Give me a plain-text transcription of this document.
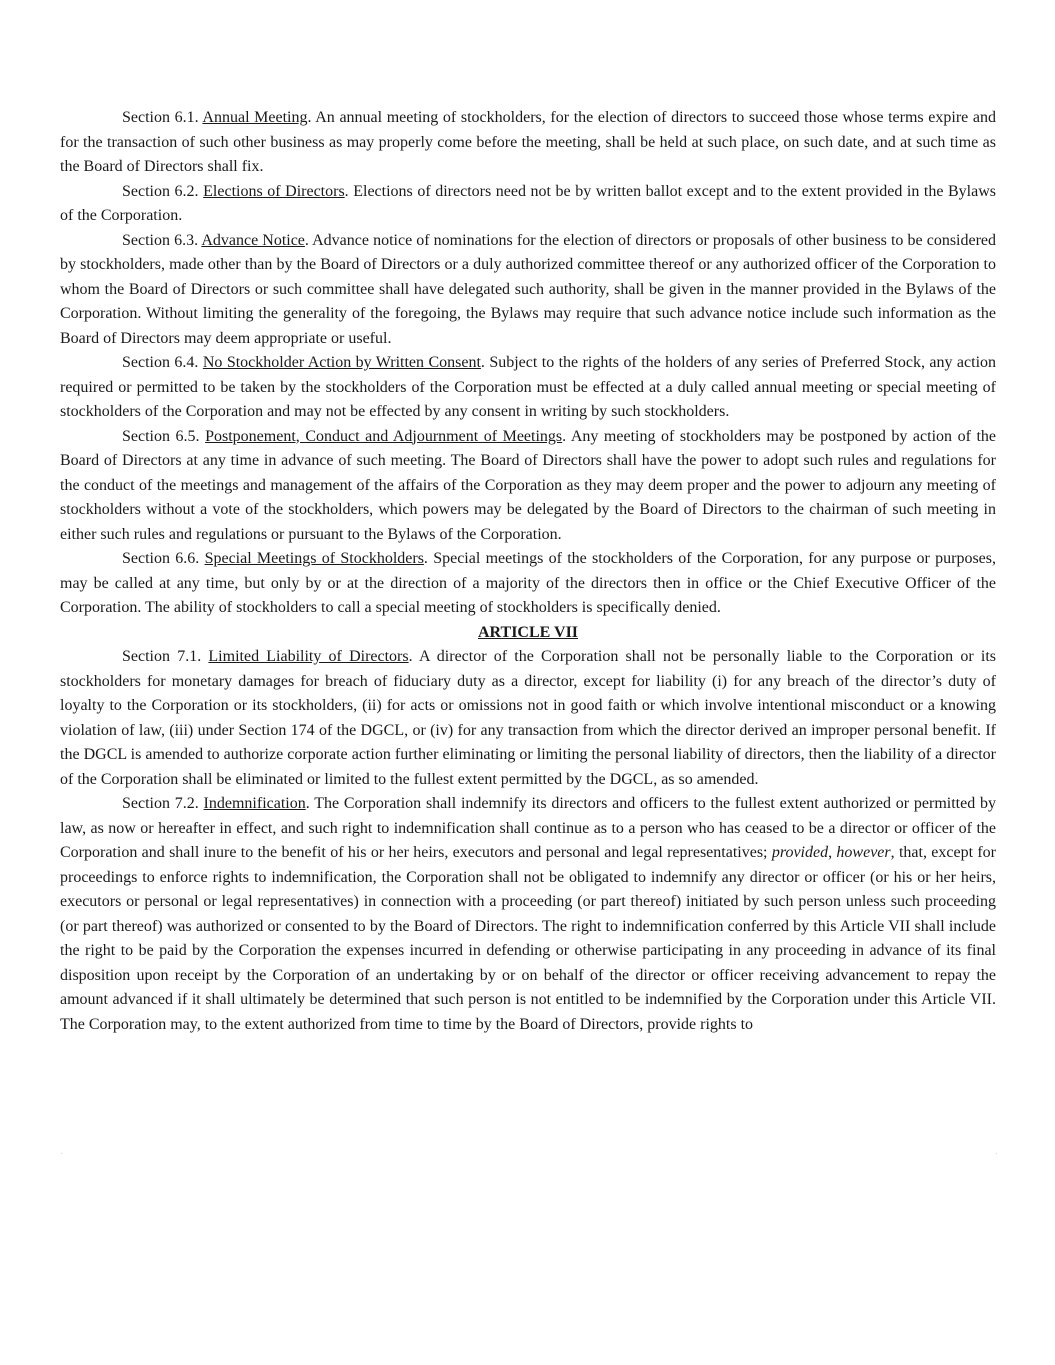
Section 6.1. Annual Meeting. An annual meeting of stockholders, for the election of directors to succeed those whose terms expire and for the transaction of such other business as may properly come before the meeting, shall be held at such place, on such date, and at such time as the Board of Directors shall fix.

Section 6.2. Elections of Directors. Elections of directors need not be by written ballot except and to the extent provided in the Bylaws of the Corporation.

Section 6.3. Advance Notice. Advance notice of nominations for the election of directors or proposals of other business to be considered by stockholders, made other than by the Board of Directors or a duly authorized committee thereof or any authorized officer of the Corporation to whom the Board of Directors or such committee shall have delegated such authority, shall be given in the manner provided in the Bylaws of the Corporation. Without limiting the generality of the foregoing, the Bylaws may require that such advance notice include such information as the Board of Directors may deem appropriate or useful.

Section 6.4. No Stockholder Action by Written Consent. Subject to the rights of the holders of any series of Preferred Stock, any action required or permitted to be taken by the stockholders of the Corporation must be effected at a duly called annual meeting or special meeting of stockholders of the Corporation and may not be effected by any consent in writing by such stockholders.

Section 6.5. Postponement, Conduct and Adjournment of Meetings. Any meeting of stockholders may be postponed by action of the Board of Directors at any time in advance of such meeting. The Board of Directors shall have the power to adopt such rules and regulations for the conduct of the meetings and management of the affairs of the Corporation as they may deem proper and the power to adjourn any meeting of stockholders without a vote of the stockholders, which powers may be delegated by the Board of Directors to the chairman of such meeting in either such rules and regulations or pursuant to the Bylaws of the Corporation.

Section 6.6. Special Meetings of Stockholders. Special meetings of the stockholders of the Corporation, for any purpose or purposes, may be called at any time, but only by or at the direction of a majority of the directors then in office or the Chief Executive Officer of the Corporation. The ability of stockholders to call a special meeting of stockholders is specifically denied.

ARTICLE VII

Section 7.1. Limited Liability of Directors. A director of the Corporation shall not be personally liable to the Corporation or its stockholders for monetary damages for breach of fiduciary duty as a director, except for liability (i) for any breach of the director’s duty of loyalty to the Corporation or its stockholders, (ii) for acts or omissions not in good faith or which involve intentional misconduct or a knowing violation of law, (iii) under Section 174 of the DGCL, or (iv) for any transaction from which the director derived an improper personal benefit. If the DGCL is amended to authorize corporate action further eliminating or limiting the personal liability of directors, then the liability of a director of the Corporation shall be eliminated or limited to the fullest extent permitted by the DGCL, as so amended.

Section 7.2. Indemnification. The Corporation shall indemnify its directors and officers to the fullest extent authorized or permitted by law, as now or hereafter in effect, and such right to indemnification shall continue as to a person who has ceased to be a director or officer of the Corporation and shall inure to the benefit of his or her heirs, executors and personal and legal representatives; provided, however, that, except for proceedings to enforce rights to indemnification, the Corporation shall not be obligated to indemnify any director or officer (or his or her heirs, executors or personal or legal representatives) in connection with a proceeding (or part thereof) initiated by such person unless such proceeding (or part thereof) was authorized or consented to by the Board of Directors. The right to indemnification conferred by this Article VII shall include the right to be paid by the Corporation the expenses incurred in defending or otherwise participating in any proceeding in advance of its final disposition upon receipt by the Corporation of an undertaking by or on behalf of the director or officer receiving advancement to repay the amount advanced if it shall ultimately be determined that such person is not entitled to be indemnified by the Corporation under this Article VII. The Corporation may, to the extent authorized from time to time by the Board of Directors, provide rights to
